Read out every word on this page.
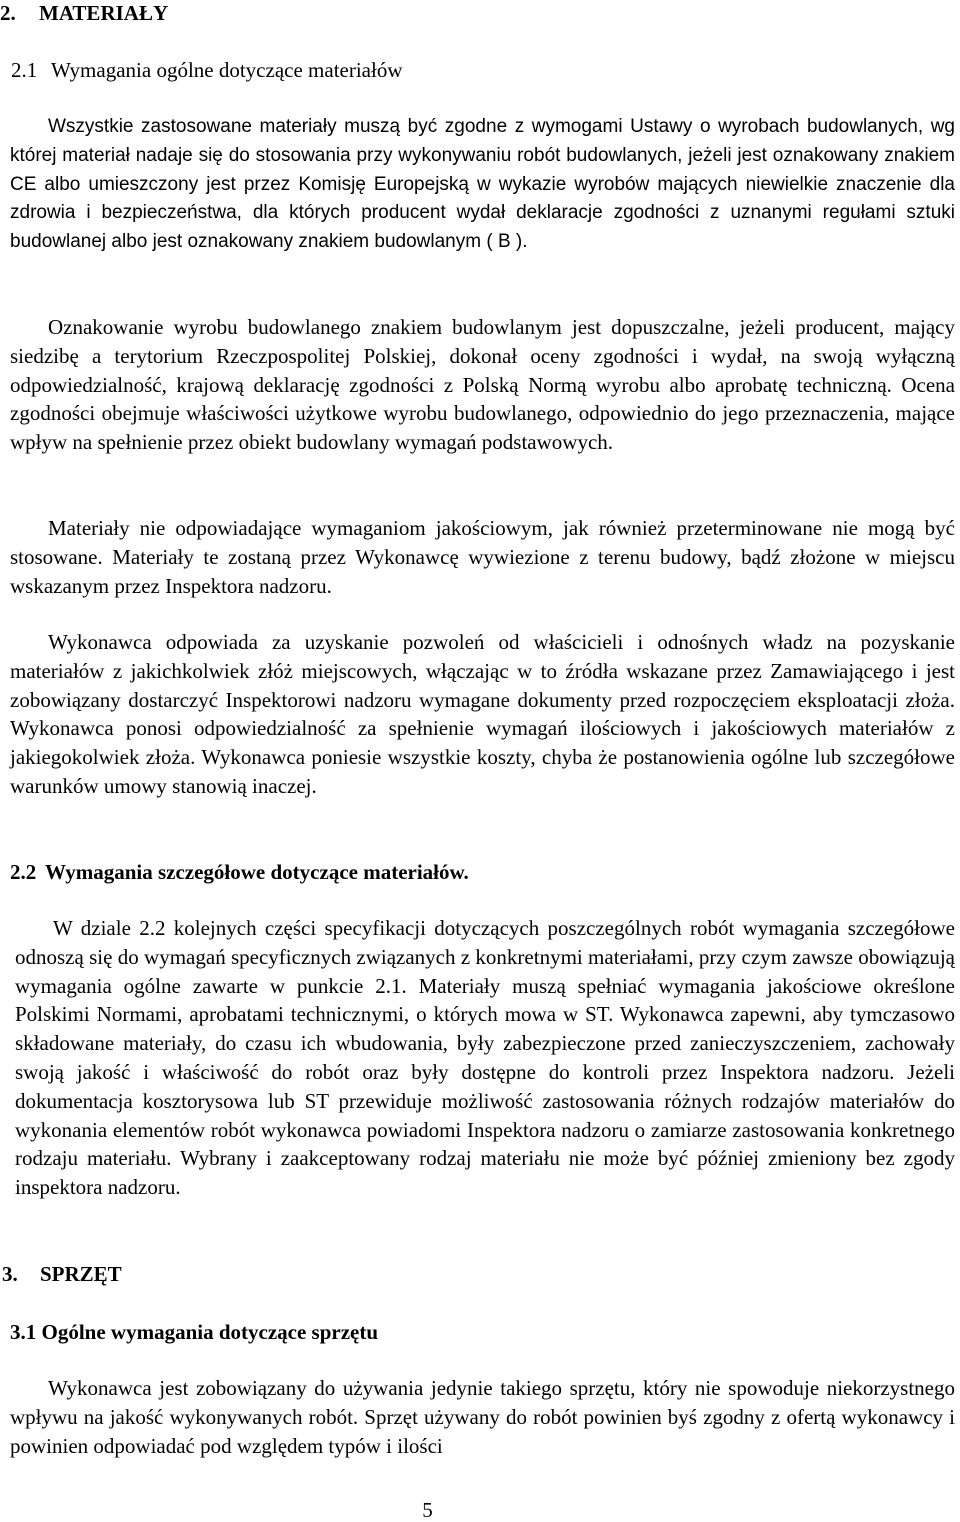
2. MATERIAŁY
2.1 Wymagania ogólne dotyczące materiałów

Wszystkie zastosowane materiały muszą być zgodne z wymogami Ustawy o wyrobach budowlanych, wg której materiał nadaje się do stosowania przy wykonywaniu robót budowlanych, jeżeli jest oznakowany znakiem CE albo umieszczony jest przez Komisję Europejską w wykazie wyrobów mających niewielkie znaczenie dla zdrowia i bezpieczeństwa, dla których producent wydał deklaracje zgodności z uznanymi regułami sztuki budowlanej albo jest oznakowany znakiem budowlanym ( B ).

Oznakowanie wyrobu budowlanego znakiem budowlanym jest dopuszczalne, jeżeli producent, mający siedzibę a terytorium Rzeczpospolitej Polskiej, dokonał oceny zgodności i wydał, na swoją wyłączną odpowiedzialność, krajową deklarację zgodności z Polską Normą wyrobu albo aprobatę techniczną. Ocena zgodności obejmuje właściwości użytkowe wyrobu budowlanego, odpowiednio do jego przeznaczenia, mające wpływ na spełnienie przez obiekt budowlany wymagań podstawowych.

Materiały nie odpowiadające wymaganiom jakościowym, jak również przeterminowane nie mogą być stosowane. Materiały te zostaną przez Wykonawcę wywiezione z terenu budowy, bądź złożone w miejscu wskazanym przez Inspektora nadzoru.

Wykonawca odpowiada za uzyskanie pozwoleń od właścicieli i odnośnych władz na pozyskanie materiałów z jakichkolwiek złóż miejscowych, włączając w to źródła wskazane przez Zamawiającego i jest zobowiązany dostarczyć Inspektorowi nadzoru wymagane dokumenty przed rozpoczęciem eksploatacji złoża. Wykonawca ponosi odpowiedzialność za spełnienie wymagań ilościowych i jakościowych materiałów z jakiegokolwiek złoża. Wykonawca poniesie wszystkie koszty, chyba że postanowienia ogólne lub szczegółowe warunków umowy stanowią inaczej.

2.2 Wymagania szczegółowe dotyczące materiałów.

W dziale 2.2 kolejnych części specyfikacji dotyczących poszczególnych robót wymagania szczegółowe odnoszą się do wymagań specyficznych związanych z konkretnymi materiałami, przy czym zawsze obowiązują wymagania ogólne zawarte w punkcie 2.1. Materiały muszą spełniać wymagania jakościowe określone Polskimi Normami, aprobatami technicznymi, o których mowa w ST. Wykonawca zapewni, aby tymczasowo składowane materiały, do czasu ich wbudowania, były zabezpieczone przed zanieczyszczeniem, zachowały swoją jakość i właściwość do robót oraz były dostępne do kontroli przez Inspektora nadzoru. Jeżeli dokumentacja kosztorysowa lub ST przewiduje możliwość zastosowania różnych rodzajów materiałów do wykonania elementów robót wykonawca powiadomi Inspektora nadzoru o zamiarze zastosowania konkretnego rodzaju materiału. Wybrany i zaakceptowany rodzaj materiału nie może być później zmieniony bez zgody inspektora nadzoru.

3. SPRZĘT
3.1 Ogólne wymagania dotyczące sprzętu

Wykonawca jest zobowiązany do używania jedynie takiego sprzętu, który nie spowoduje niekorzystnego wpływu na jakość wykonywanych robót. Sprzęt używany do robót powinien byś zgodny z ofertą wykonawcy i powinien odpowiadać pod względem typów i ilości

5
